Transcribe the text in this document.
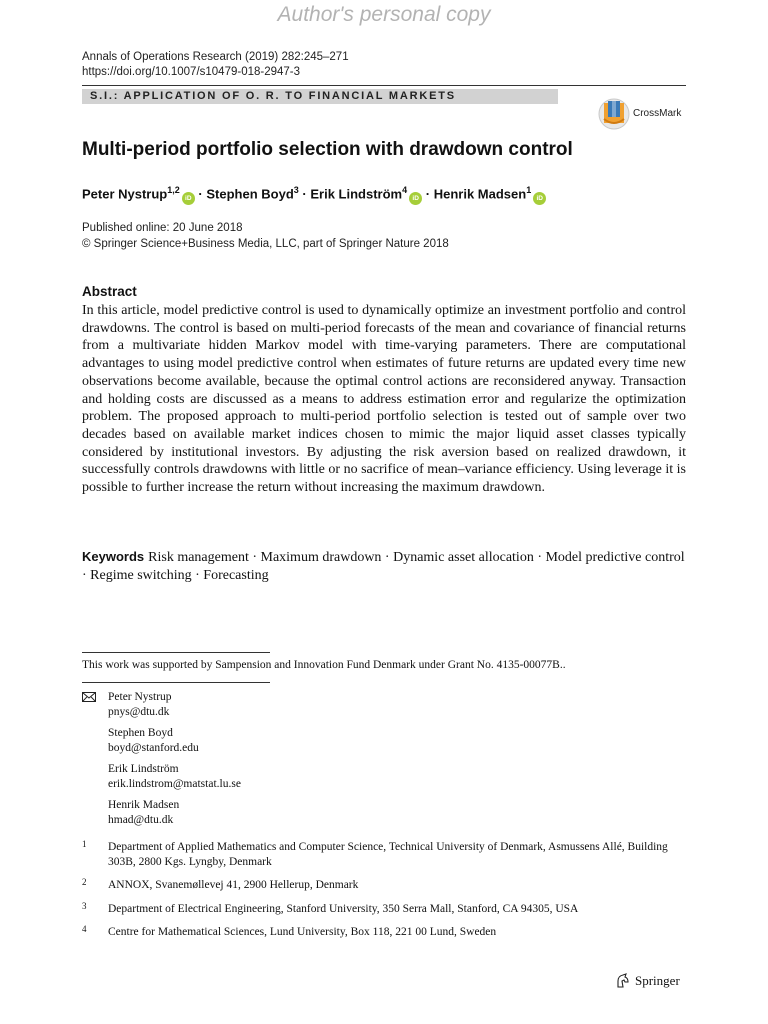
Author's personal copy
Annals of Operations Research (2019) 282:245–271
https://doi.org/10.1007/s10479-018-2947-3
S.I.: APPLICATION OF O. R. TO FINANCIAL MARKETS
CrossMark
Multi-period portfolio selection with drawdown control
Peter Nystrup$^{1,2}$iD · Stephen Boyd$^3$ · Erik Lindström$^4$iD · Henrik Madsen$^1$iD
Published online: 20 June 2018
© Springer Science+Business Media, LLC, part of Springer Nature 2018
Abstract
In this article, model predictive control is used to dynamically optimize an investment portfolio and control drawdowns. The control is based on multi-period forecasts of the mean and covariance of financial returns from a multivariate hidden Markov model with time-varying parameters. There are computational advantages to using model predictive control when estimates of future returns are updated every time new observations become available, because the optimal control actions are reconsidered anyway. Transaction and holding costs are discussed as a means to address estimation error and regularize the optimization problem. The proposed approach to multi-period portfolio selection is tested out of sample over two decades based on available market indices chosen to mimic the major liquid asset classes typically considered by institutional investors. By adjusting the risk aversion based on realized drawdown, it successfully controls drawdowns with little or no sacrifice of mean–variance efficiency. Using leverage it is possible to further increase the return without increasing the maximum drawdown.
Keywords Risk management · Maximum drawdown · Dynamic asset allocation · Model predictive control · Regime switching · Forecasting
This work was supported by Sampension and Innovation Fund Denmark under Grant No. 4135-00077B..
Peter Nystrup
pnys@dtu.dk
Stephen Boyd
boyd@stanford.edu
Erik Lindström
erik.lindstrom@matstat.lu.se
Henrik Madsen
hmad@dtu.dk
1 Department of Applied Mathematics and Computer Science, Technical University of Denmark, Asmussens Allé, Building 303B, 2800 Kgs. Lyngby, Denmark
2 ANNOX, Svanemøllevej 41, 2900 Hellerup, Denmark
3 Department of Electrical Engineering, Stanford University, 350 Serra Mall, Stanford, CA 94305, USA
4 Centre for Mathematical Sciences, Lund University, Box 118, 221 00 Lund, Sweden
Springer
